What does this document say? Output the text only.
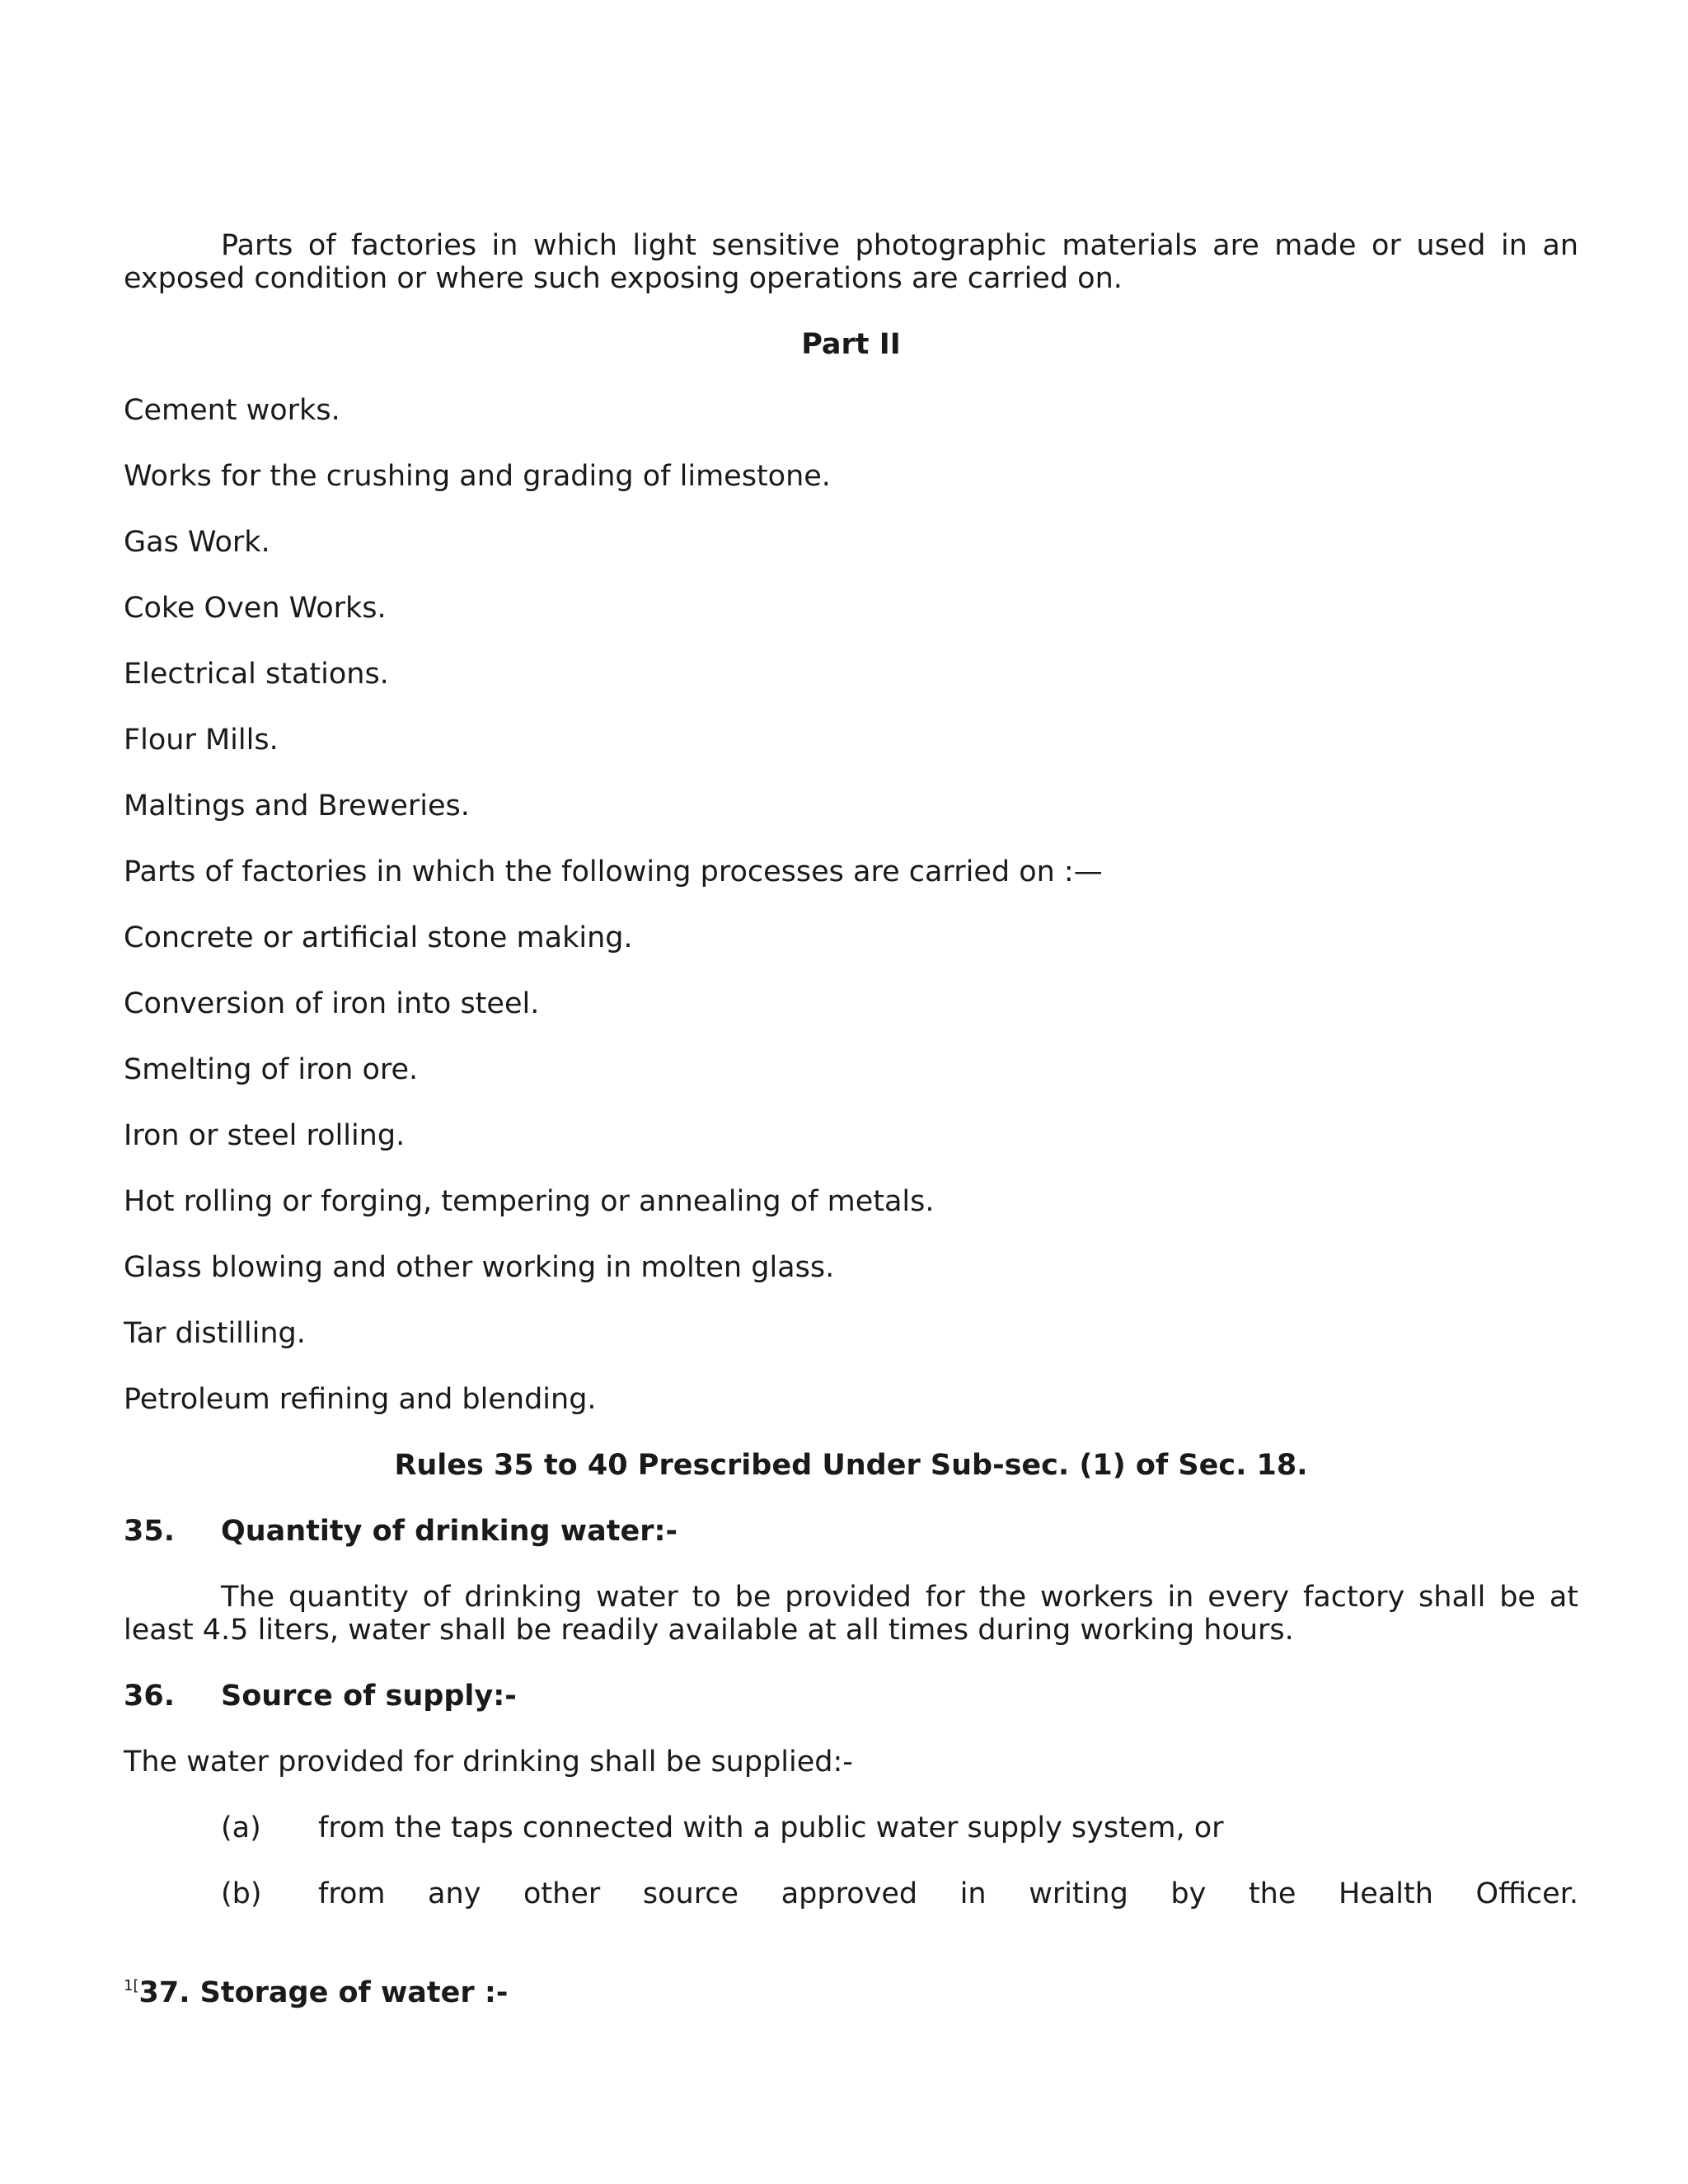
Parts of factories in which light sensitive photographic materials are made or used in an exposed condition or where such exposing operations are carried on.
Part II
Cement works.
Works for the crushing and grading of limestone.
Gas Work.
Coke Oven Works.
Electrical stations.
Flour Mills.
Maltings and Breweries.
Parts of factories in which the following processes are carried on :—
Concrete or artificial stone making.
Conversion of iron into steel.
Smelting of iron ore.
Iron or steel rolling.
Hot rolling or forging, tempering or annealing of metals.
Glass blowing and other working in molten glass.
Tar distilling.
Petroleum refining and blending.
Rules 35 to 40 Prescribed Under Sub-sec. (1) of Sec. 18.
35. Quantity of drinking water:-
The quantity of drinking water to be provided for the workers in every factory shall be at least 4.5 liters, water shall be readily available at all times during working hours.
36. Source of supply:-
The water provided for drinking shall be supplied:-
(a) from the taps connected with a public water supply system, or
(b) from any other source approved in writing by the Health Officer.
$^{1[}$37. Storage of water :-
